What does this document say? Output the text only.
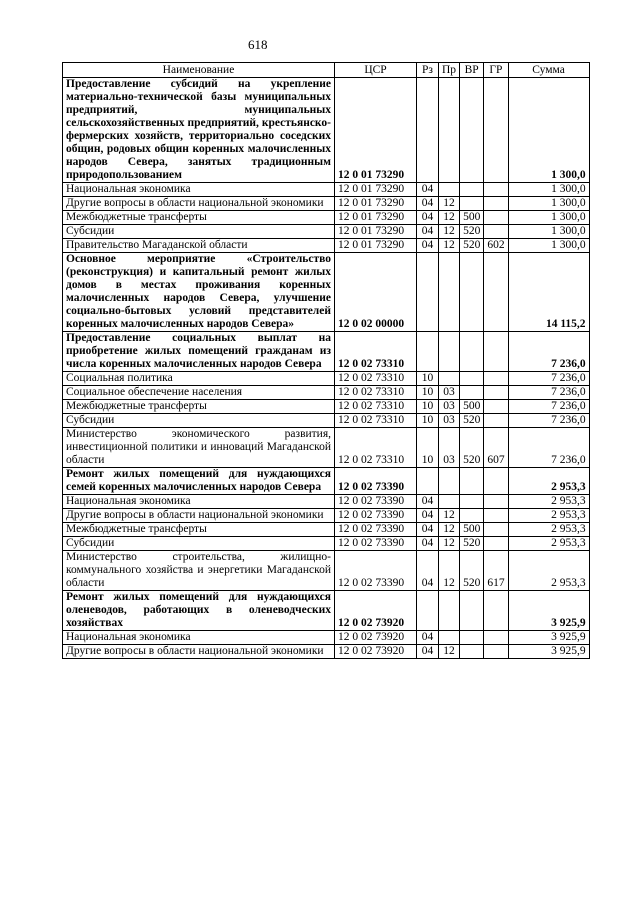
618
Наименование	ЦСР	Рз	Пр	ВР	ГР	Сумма
Предоставление субсидий на укрепление материально-технической базы муниципальных предприятий, муниципальных сельскохозяйственных предприятий, крестьянско-фермерских хозяйств, территориально соседских общин, родовых общин коренных малочисленных народов Севера, занятых традиционным природопользованием	12 0 01 73290					1 300,0
Национальная экономика	12 0 01 73290	04				1 300,0
Другие вопросы в области национальной экономики	12 0 01 73290	04	12			1 300,0
Межбюджетные трансферты	12 0 01 73290	04	12	500		1 300,0
Субсидии	12 0 01 73290	04	12	520		1 300,0
Правительство Магаданской области	12 0 01 73290	04	12	520	602	1 300,0
Основное мероприятие «Строительство (реконструкция) и капитальный ремонт жилых домов в местах проживания коренных малочисленных народов Севера, улучшение социально-бытовых условий представителей коренных малочисленных народов Севера»	12 0 02 00000					14 115,2
Предоставление социальных выплат на приобретение жилых помещений гражданам из числа коренных малочисленных народов Севера	12 0 02 73310					7 236,0
Социальная политика	12 0 02 73310	10				7 236,0
Социальное обеспечение населения	12 0 02 73310	10	03			7 236,0
Межбюджетные трансферты	12 0 02 73310	10	03	500		7 236,0
Субсидии	12 0 02 73310	10	03	520		7 236,0
Министерство экономического развития, инвестиционной политики и инноваций Магаданской области	12 0 02 73310	10	03	520	607	7 236,0
Ремонт жилых помещений для нуждающихся семей коренных малочисленных народов Севера	12 0 02 73390					2 953,3
Национальная экономика	12 0 02 73390	04				2 953,3
Другие вопросы в области национальной экономики	12 0 02 73390	04	12			2 953,3
Межбюджетные трансферты	12 0 02 73390	04	12	500		2 953,3
Субсидии	12 0 02 73390	04	12	520		2 953,3
Министерство строительства, жилищно-коммунального хозяйства и энергетики Магаданской области	12 0 02 73390	04	12	520	617	2 953,3
Ремонт жилых помещений для нуждающихся оленеводов, работающих в оленеводческих хозяйствах	12 0 02 73920					3 925,9
Национальная экономика	12 0 02 73920	04				3 925,9
Другие вопросы в области национальной экономики	12 0 02 73920	04	12			3 925,9
